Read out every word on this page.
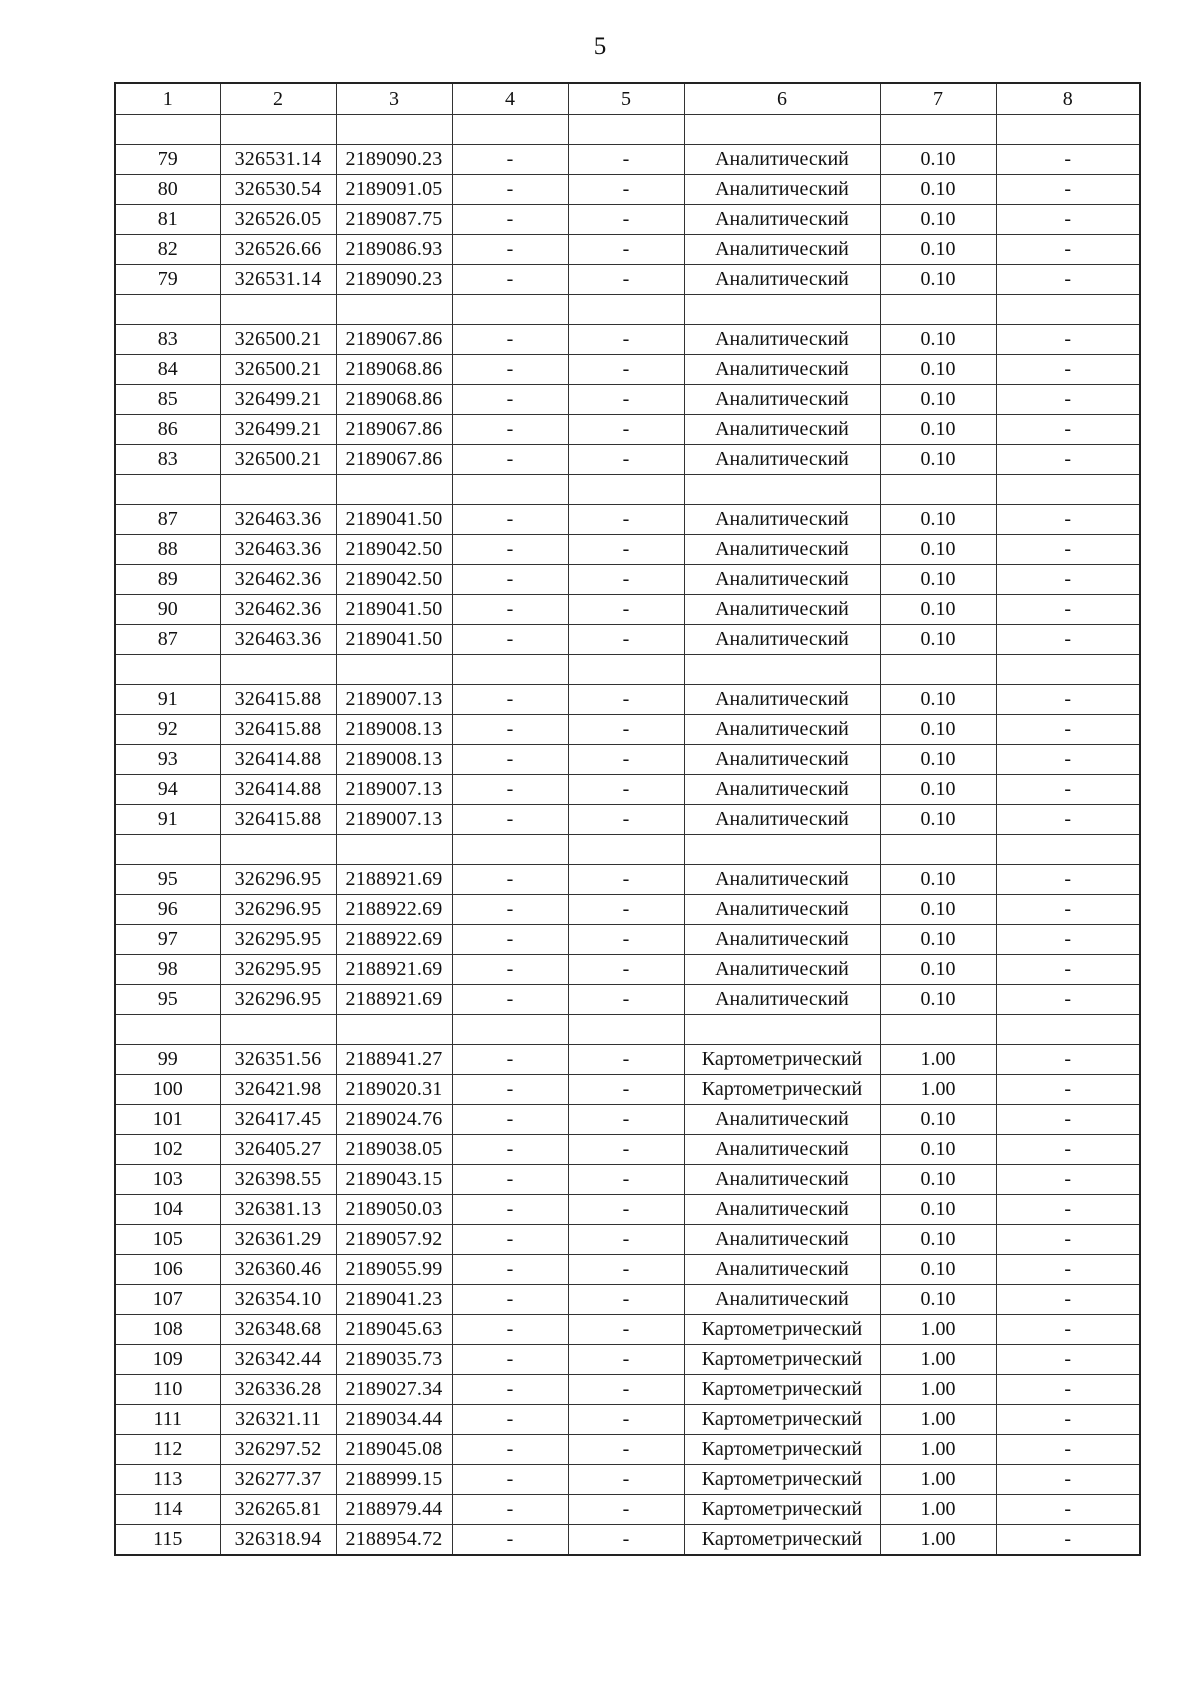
5
1	2	3	4	5	6	7	8

79	326531.14	2189090.23	-	-	Аналитический	0.10	-
80	326530.54	2189091.05	-	-	Аналитический	0.10	-
81	326526.05	2189087.75	-	-	Аналитический	0.10	-
82	326526.66	2189086.93	-	-	Аналитический	0.10	-
79	326531.14	2189090.23	-	-	Аналитический	0.10	-

83	326500.21	2189067.86	-	-	Аналитический	0.10	-
84	326500.21	2189068.86	-	-	Аналитический	0.10	-
85	326499.21	2189068.86	-	-	Аналитический	0.10	-
86	326499.21	2189067.86	-	-	Аналитический	0.10	-
83	326500.21	2189067.86	-	-	Аналитический	0.10	-

87	326463.36	2189041.50	-	-	Аналитический	0.10	-
88	326463.36	2189042.50	-	-	Аналитический	0.10	-
89	326462.36	2189042.50	-	-	Аналитический	0.10	-
90	326462.36	2189041.50	-	-	Аналитический	0.10	-
87	326463.36	2189041.50	-	-	Аналитический	0.10	-

91	326415.88	2189007.13	-	-	Аналитический	0.10	-
92	326415.88	2189008.13	-	-	Аналитический	0.10	-
93	326414.88	2189008.13	-	-	Аналитический	0.10	-
94	326414.88	2189007.13	-	-	Аналитический	0.10	-
91	326415.88	2189007.13	-	-	Аналитический	0.10	-

95	326296.95	2188921.69	-	-	Аналитический	0.10	-
96	326296.95	2188922.69	-	-	Аналитический	0.10	-
97	326295.95	2188922.69	-	-	Аналитический	0.10	-
98	326295.95	2188921.69	-	-	Аналитический	0.10	-
95	326296.95	2188921.69	-	-	Аналитический	0.10	-

99	326351.56	2188941.27	-	-	Картометрический	1.00	-
100	326421.98	2189020.31	-	-	Картометрический	1.00	-
101	326417.45	2189024.76	-	-	Аналитический	0.10	-
102	326405.27	2189038.05	-	-	Аналитический	0.10	-
103	326398.55	2189043.15	-	-	Аналитический	0.10	-
104	326381.13	2189050.03	-	-	Аналитический	0.10	-
105	326361.29	2189057.92	-	-	Аналитический	0.10	-
106	326360.46	2189055.99	-	-	Аналитический	0.10	-
107	326354.10	2189041.23	-	-	Аналитический	0.10	-
108	326348.68	2189045.63	-	-	Картометрический	1.00	-
109	326342.44	2189035.73	-	-	Картометрический	1.00	-
110	326336.28	2189027.34	-	-	Картометрический	1.00	-
111	326321.11	2189034.44	-	-	Картометрический	1.00	-
112	326297.52	2189045.08	-	-	Картометрический	1.00	-
113	326277.37	2188999.15	-	-	Картометрический	1.00	-
114	326265.81	2188979.44	-	-	Картометрический	1.00	-
115	326318.94	2188954.72	-	-	Картометрический	1.00	-
